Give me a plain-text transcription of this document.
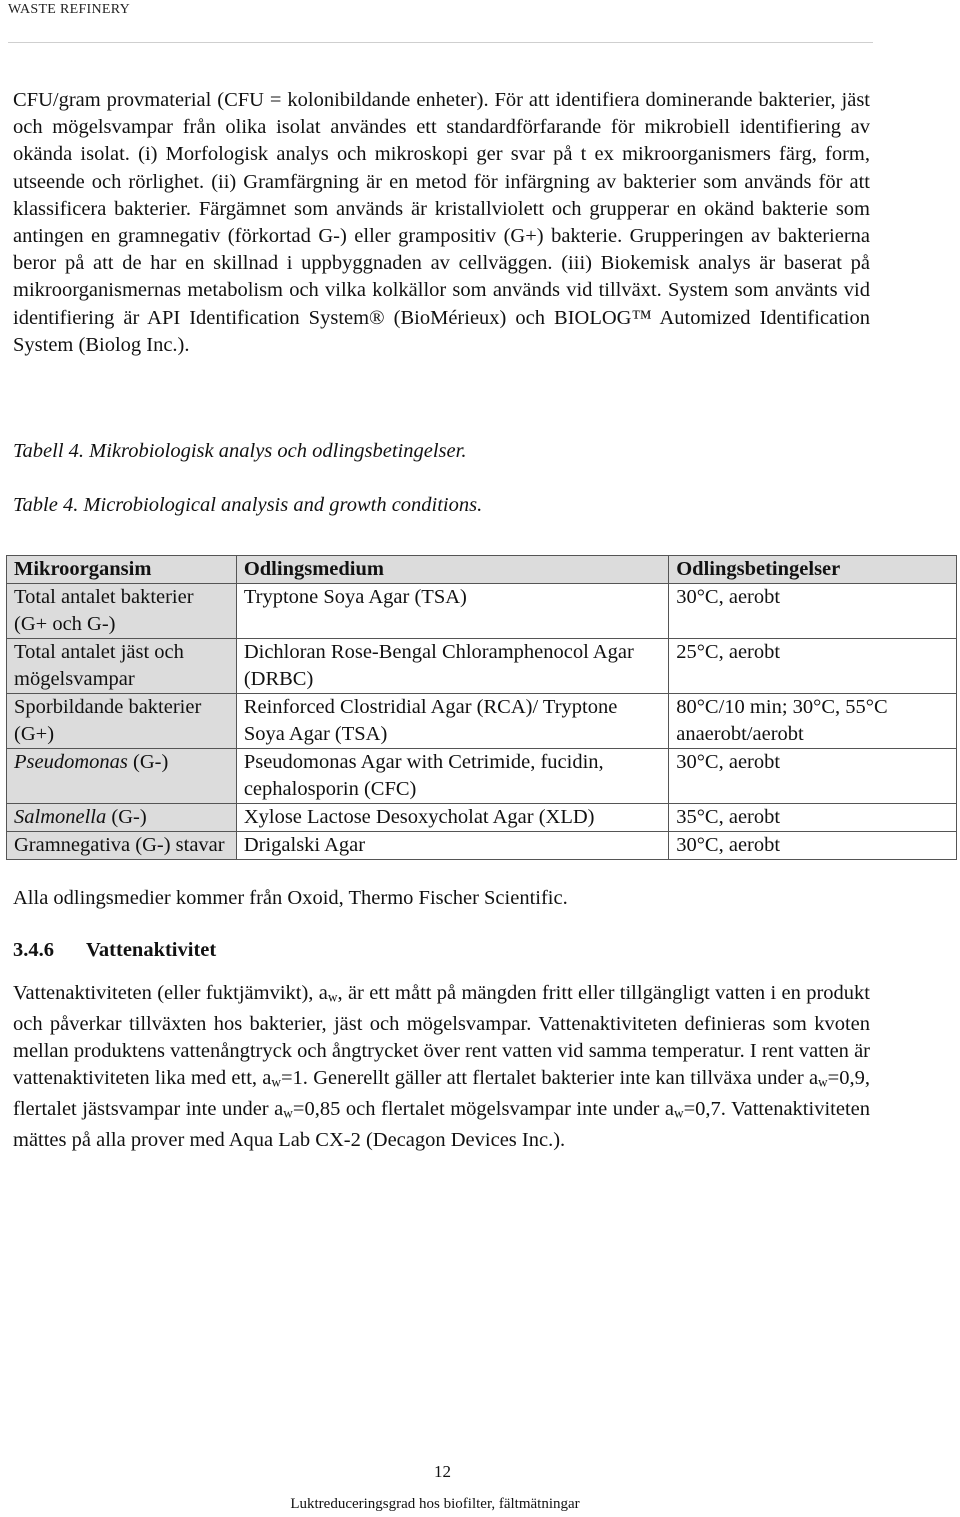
WASTE REFINERY

CFU/gram provmaterial (CFU = kolonibildande enheter). För att identifiera dominerande bakterier, jäst och mögelsvampar från olika isolat användes ett standardförfarande för mikrobiell identifiering av okända isolat. (i) Morfologisk analys och mikroskopi ger svar på t ex mikroorganismers färg, form, utseende och rörlighet. (ii) Gramfärgning är en metod för infärgning av bakterier som används för att klassificera bakterier. Färgämnet som används är kristallviolett och grupperar en okänd bakterie som antingen en gramnegativ (förkortad G-) eller grampositiv (G+) bakterie. Grupperingen av bakterierna beror på att de har en skillnad i uppbyggnaden av cellväggen. (iii) Biokemisk analys är baserat på mikroorganismernas metabolism och vilka kolkällor som används vid tillväxt. System som använts vid identifiering är API Identification System® (BioMérieux) och BIOLOG™ Automized Identification System (Biolog Inc.).

Tabell 4. Mikrobiologisk analys och odlingsbetingelser.

Table 4. Microbiological analysis and growth conditions.

Mikroorgansim	Odlingsmedium	Odlingsbetingelser
Total antalet bakterier (G+ och G-)	Tryptone Soya Agar (TSA)	30°C, aerobt
Total antalet jäst och mögelsvampar	Dichloran Rose-Bengal Chloramphenocol Agar (DRBC)	25°C, aerobt
Sporbildande bakterier (G+)	Reinforced Clostridial Agar (RCA)/ Tryptone Soya Agar (TSA)	80°C/10 min; 30°C, 55°C anaerobt/aerobt
Pseudomonas (G-)	Pseudomonas Agar with Cetrimide, fucidin, cephalosporin (CFC)	30°C, aerobt
Salmonella (G-)	Xylose Lactose Desoxycholat Agar (XLD)	35°C, aerobt
Gramnegativa (G-) stavar	Drigalski Agar	30°C, aerobt
Alla odlingsmedier kommer från Oxoid, Thermo Fischer Scientific.
3.4.6 Vattenaktivitet

Vattenaktiviteten (eller fuktjämvikt), $a_w$, är ett mått på mängden fritt eller tillgängligt vatten i en produkt och påverkar tillväxten hos bakterier, jäst och mögelsvampar. Vattenaktiviteten definieras som kvoten mellan produktens vattenångtryck och ångtrycket över rent vatten vid samma temperatur. I rent vatten är vattenaktiviteten lika med ett, $a_w=1$. Generellt gäller att flertalet bakterier inte kan tillväxa under $a_w=0,9$, flertalet jästsvampar inte under $a_w=0,85$ och flertalet mögelsvampar inte under $a_w=0,7$. Vattenaktiviteten mättes på alla prover med Aqua Lab CX-2 (Decagon Devices Inc.).

12
Luktreduceringsgrad hos biofilter, fältmätningar
